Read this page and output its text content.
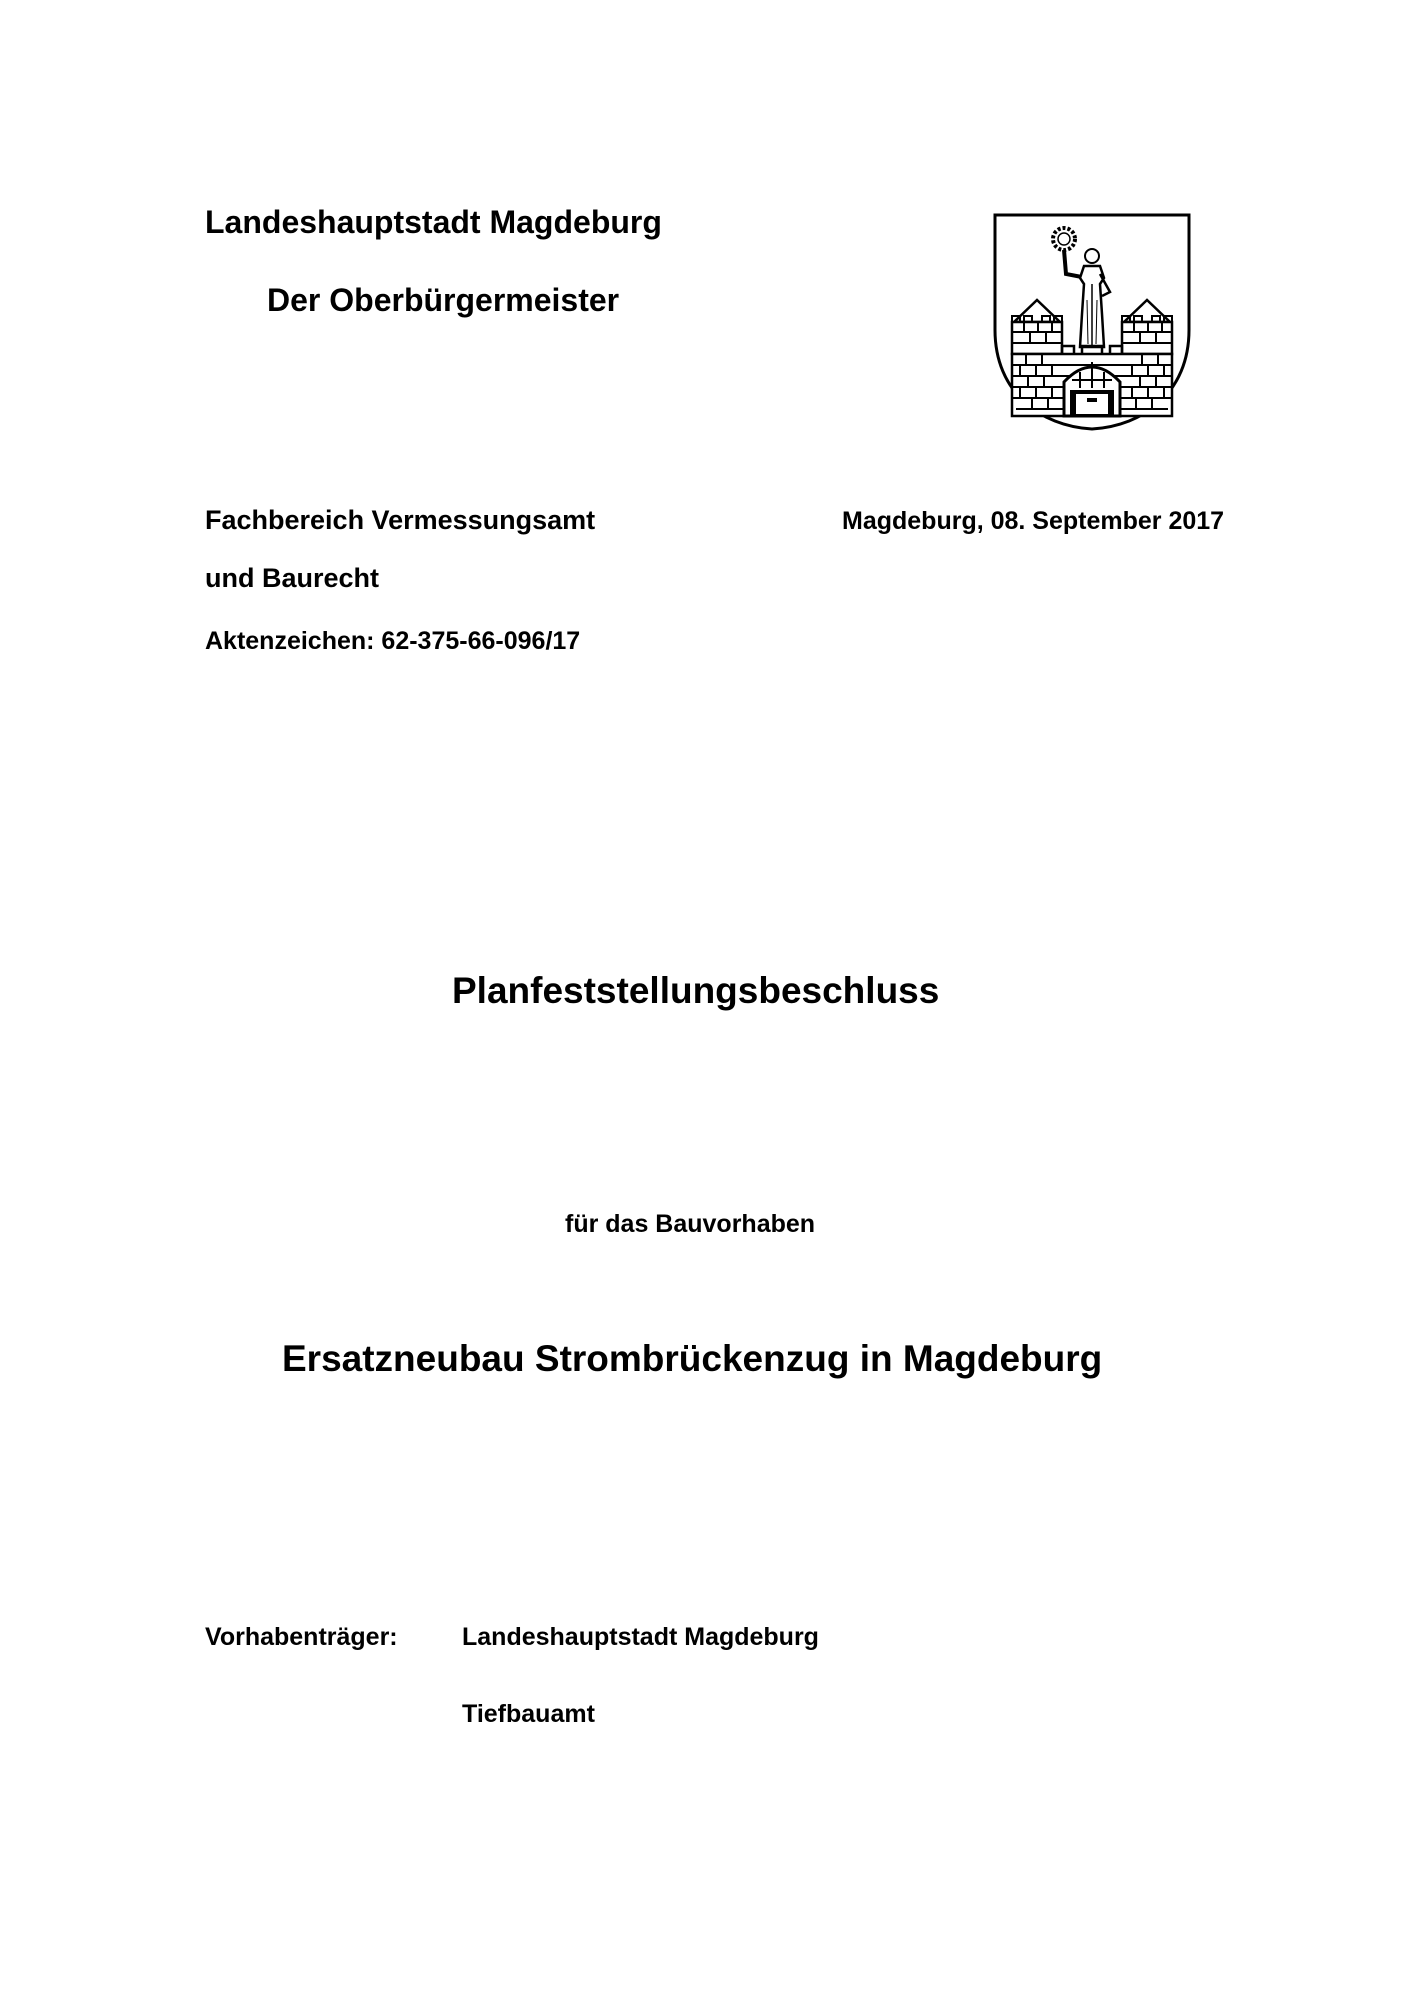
Landeshauptstadt Magdeburg
Der Oberbürgermeister
Fachbereich Vermessungsamt
und Baurecht
Aktenzeichen: 62-375-66-096/17
Magdeburg, 08. September 2017
Planfeststellungsbeschluss
für das Bauvorhaben
Ersatzneubau Strombrückenzug in Magdeburg
Vorhabenträger:	Landeshauptstadt Magdeburg
Tiefbauamt
